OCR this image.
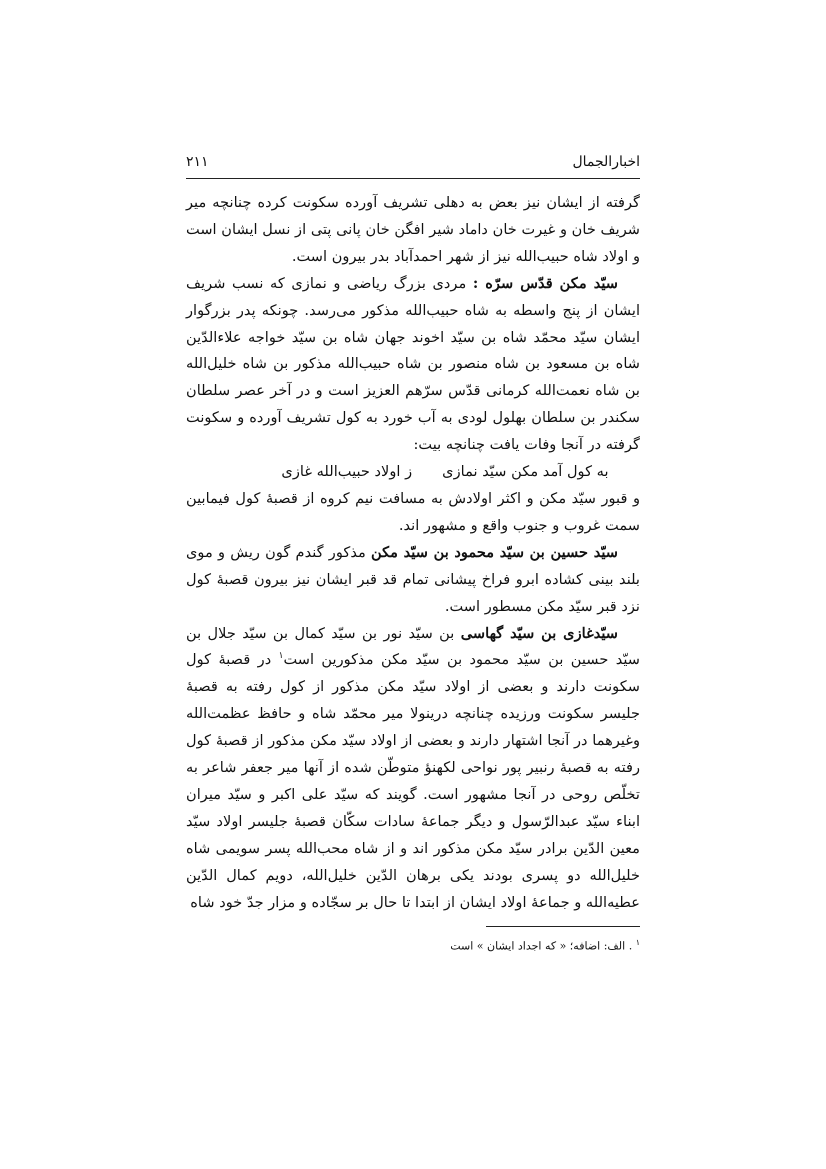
اخبارالجمال
۲۱۱

گرفته از ایشان نیز بعض به دهلی تشریف آورده سکونت کرده چنانچه میر شریف خان و غیرت خان داماد شیر افگن خان پانی پتی از نسل ایشان است و اولاد شاه حبیب‌الله نیز از شهر احمدآباد بدر بیرون است.

سیّد مکن قدّس سرّه : مردی بزرگ ریاضی و نمازی که نسب شریف ایشان از پنج واسطه به شاه حبیب‌الله مذکور می‌رسد. چونکه پدر بزرگوار ایشان سیّد محمّد شاه بن سیّد اخوند جهان شاه بن سیّد خواجه علاءالدّین شاه بن مسعود بن شاه منصور بن شاه حبیب‌الله مذکور بن شاه خلیل‌الله بن شاه نعمت‌الله کرمانی قدّس سرّهم العزیز است و در آخر عصر سلطان سکندر بن سلطان بهلول لودی به آب خورد به کول تشریف آورده و سکونت گرفته در آنجا وفات یافت چنانچه بیت:

به کول آمد مکن سیّد نمازیز اولاد حبیب‌الله غازی

و قبور سیّد مکن و اکثر اولادش به مسافت نیم کروه از قصبهٔ کول فیمابین سمت غروب و جنوب واقع و مشهور اند.

سیّد حسین بن سیّد محمود بن سیّد مکن مذکور گندم گون ریش و موی بلند بینی کشاده ابرو فراخ پیشانی تمام قد قبر ایشان نیز بیرون قصبهٔ کول نزد قبر سیّد مکن مسطور است.

سیّدغازی بن سیّد گهاسی بن سیّد نور بن سیّد کمال بن سیّد جلال بن سیّد حسین بن سیّد محمود بن سیّد مکن مذکورین است$^۱$ در قصبهٔ کول سکونت دارند و بعضی از اولاد سیّد مکن مذکور از کول رفته به قصبهٔ جلیسر سکونت ورزیده چنانچه درینولا میر محمّد شاه و حافظ عظمت‌الله وغیرهما در آنجا اشتهار دارند و بعضی از اولاد سیّد مکن مذکور از قصبهٔ کول رفته به قصبهٔ رنبیر پور نواحی لکهنؤ متوطّن شده از آنها میر جعفر شاعر به تخلّص روحی در آنجا مشهور است. گویند که سیّد علی اکبر و سیّد میران ابناء سیّد عبدالرّسول و دیگر جماعهٔ سادات سکّان قصبهٔ جلیسر اولاد سیّد معین الدّین برادر سیّد مکن مذکور اند و از شاه محب‌الله پسر سویمی شاه خلیل‌الله دو پسری بودند یکی برهان الدّین خلیل‌الله، دویم کمال الدّین عطیه‌الله و جماعهٔ اولاد ایشان از ابتدا تا حال بر سجّاده و مزار جدّ خود شاه

$^۱$ . الف: اضافه؛ « که اجداد ایشان » است
